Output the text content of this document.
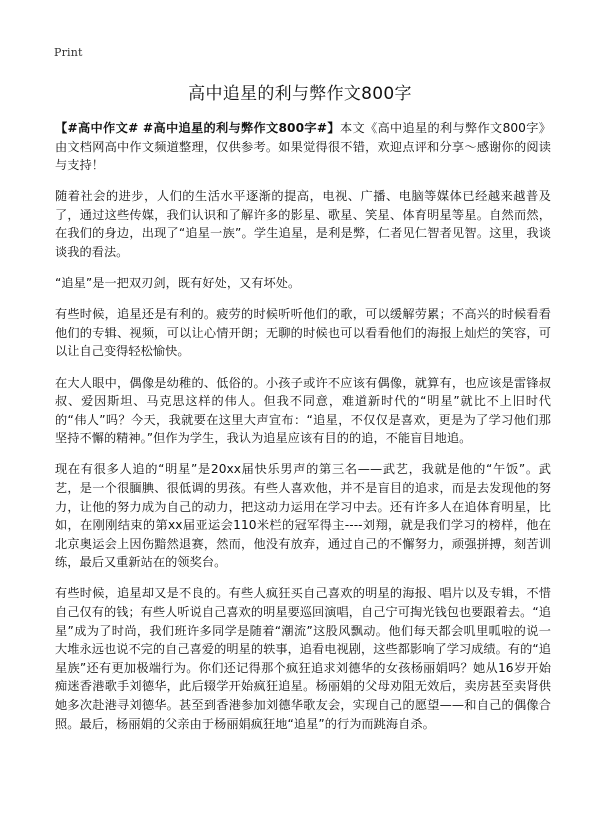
Print
高中追星的利与弊作文800字

【#高中作文# #高中追星的利与弊作文800字#】本文《高中追星的利与弊作文800字》由文档网高中作文频道整理，仅供参考。如果觉得很不错，欢迎点评和分享～感谢你的阅读与支持！

随着社会的进步，人们的生活水平逐渐的提高，电视、广播、电脑等媒体已经越来越普及了，通过这些传媒，我们认识和了解许多的影星、歌星、笑星、体育明星等星。自然而然，在我们的身边，出现了“追星一族”。学生追星，是利是弊，仁者见仁智者见智。这里，我谈谈我的看法。

“追星”是一把双刃剑，既有好处，又有坏处。

有些时候，追星还是有利的。疲劳的时候听听他们的歌，可以缓解劳累；不高兴的时候看看他们的专辑、视频，可以让心情开朗；无聊的时候也可以看看他们的海报上灿烂的笑容，可以让自己变得轻松愉快。

在大人眼中，偶像是幼稚的、低俗的。小孩子或许不应该有偶像，就算有，也应该是雷锋叔叔、爱因斯坦、马克思这样的伟人。但我不同意，难道新时代的“明星”就比不上旧时代的“伟人”吗？今天，我就要在这里大声宣布：“追星，不仅仅是喜欢，更是为了学习他们那坚持不懈的精神。”但作为学生，我认为追星应该有目的的追，不能盲目地追。

现在有很多人追的“明星”是20xx届快乐男声的第三名——武艺，我就是他的“午饭”。武艺，是一个很腼腆、很低调的男孩。有些人喜欢他，并不是盲目的追求，而是去发现他的努力，让他的努力成为自己的动力，把这动力运用在学习中去。还有许多人在追体育明星，比如，在刚刚结束的第xx届亚运会110米栏的冠军得主----刘翔，就是我们学习的榜样，他在北京奥运会上因伤黯然退赛，然而，他没有放弃，通过自己的不懈努力，顽强拼搏，刻苦训练，最后又重新站在的领奖台。

有些时候，追星却又是不良的。有些人疯狂买自己喜欢的明星的海报、唱片以及专辑，不惜自己仅有的钱；有些人听说自己喜欢的明星要巡回演唱，自己宁可掏光钱包也要跟着去。“追星”成为了时尚，我们班许多同学是随着“潮流”这股风飘动。他们每天都会叽里呱啦的说一大堆永远也说不完的自己喜爱的明星的轶事，追看电视剧，这些都影响了学习成绩。有的“追星族”还有更加极端行为。你们还记得那个疯狂追求刘德华的女孩杨丽娟吗？她从16岁开始痴迷香港歌手刘德华，此后辍学开始疯狂追星。杨丽娟的父母劝阻无效后，卖房甚至卖肾供她多次赴港寻刘德华。甚至到香港参加刘德华歌友会，实现自己的愿望——和自己的偶像合照。最后，杨丽娟的父亲由于杨丽娟疯狂地“追星”的行为而跳海自杀。
